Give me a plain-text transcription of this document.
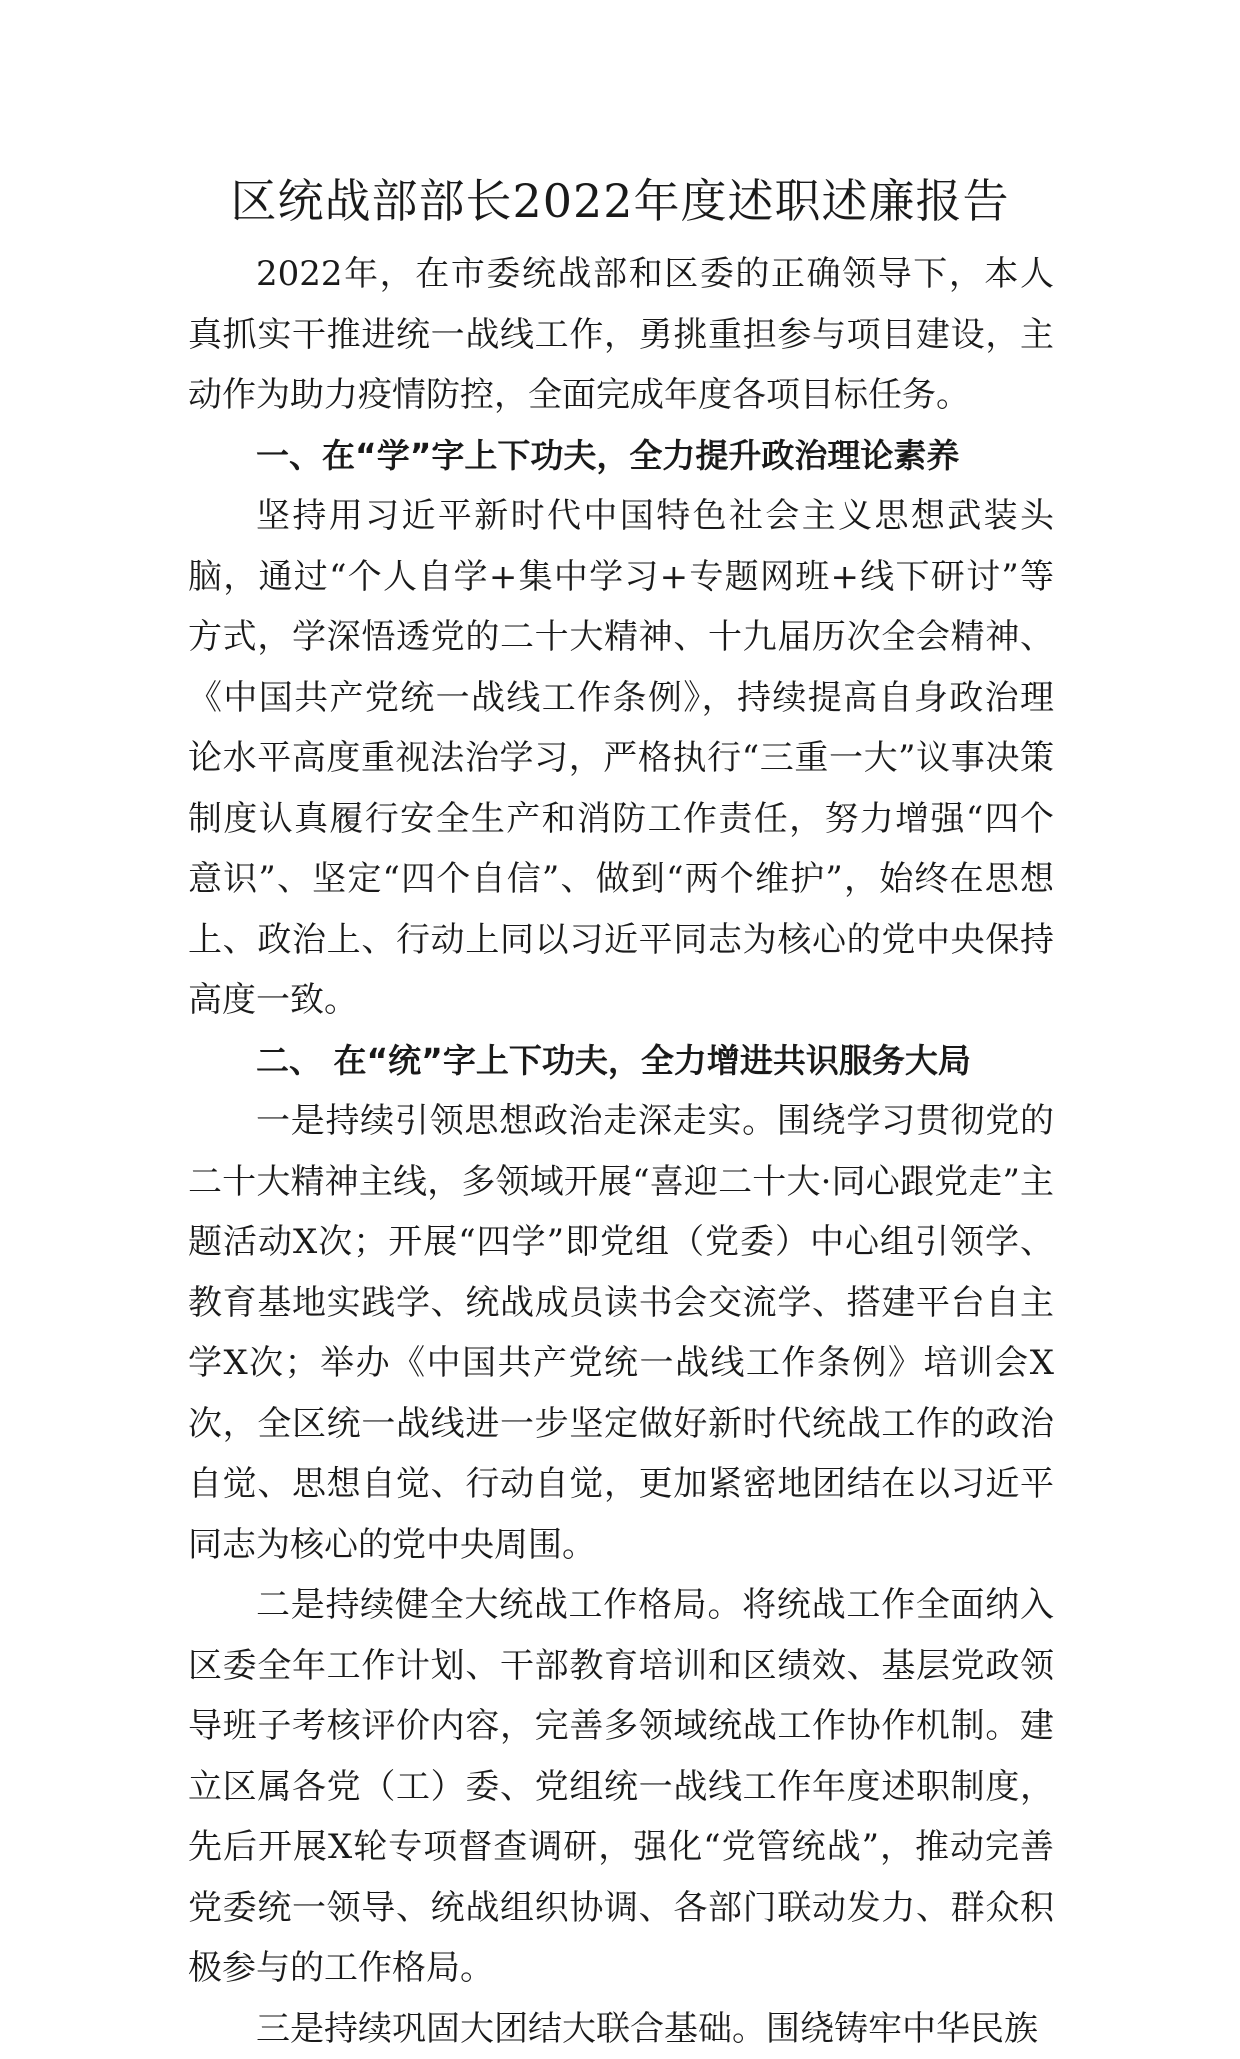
区统战部部长2022年度述职述廉报告

2022年，在市委统战部和区委的正确领导下，本人真抓实干推进统一战线工作，勇挑重担参与项目建设，主动作为助力疫情防控，全面完成年度各项目标任务。

一、在“学”字上下功夫，全力提升政治理论素养

坚持用习近平新时代中国特色社会主义思想武装头脑，通过“个人自学+集中学习+专题网班+线下研讨”等方式，学深悟透党的二十大精神、十九届历次全会精神、《中国共产党统一战线工作条例》，持续提高自身政治理论水平高度重视法治学习，严格执行“三重一大”议事决策制度认真履行安全生产和消防工作责任，努力增强“四个意识”、坚定“四个自信”、做到“两个维护”，始终在思想上、政治上、行动上同以习近平同志为核心的党中央保持高度一致。

二、 在“统”字上下功夫，全力增进共识服务大局

一是持续引领思想政治走深走实。围绕学习贯彻党的二十大精神主线，多领域开展“喜迎二十大·同心跟党走”主题活动X次；开展“四学”即党组（党委）中心组引领学、教育基地实践学、统战成员读书会交流学、搭建平台自主学X次；举办《中国共产党统一战线工作条例》培训会X次，全区统一战线进一步坚定做好新时代统战工作的政治自觉、思想自觉、行动自觉，更加紧密地团结在以习近平同志为核心的党中央周围。

二是持续健全大统战工作格局。将统战工作全面纳入区委全年工作计划、干部教育培训和区绩效、基层党政领导班子考核评价内容，完善多领域统战工作协作机制。建立区属各党（工）委、党组统一战线工作年度述职制度，先后开展X轮专项督查调研，强化“党管统战”，推动完善党委统一领导、统战组织协调、各部门联动发力、群众积极参与的工作格局。

三是持续巩固大团结大联合基础。围绕铸牢中华民族
